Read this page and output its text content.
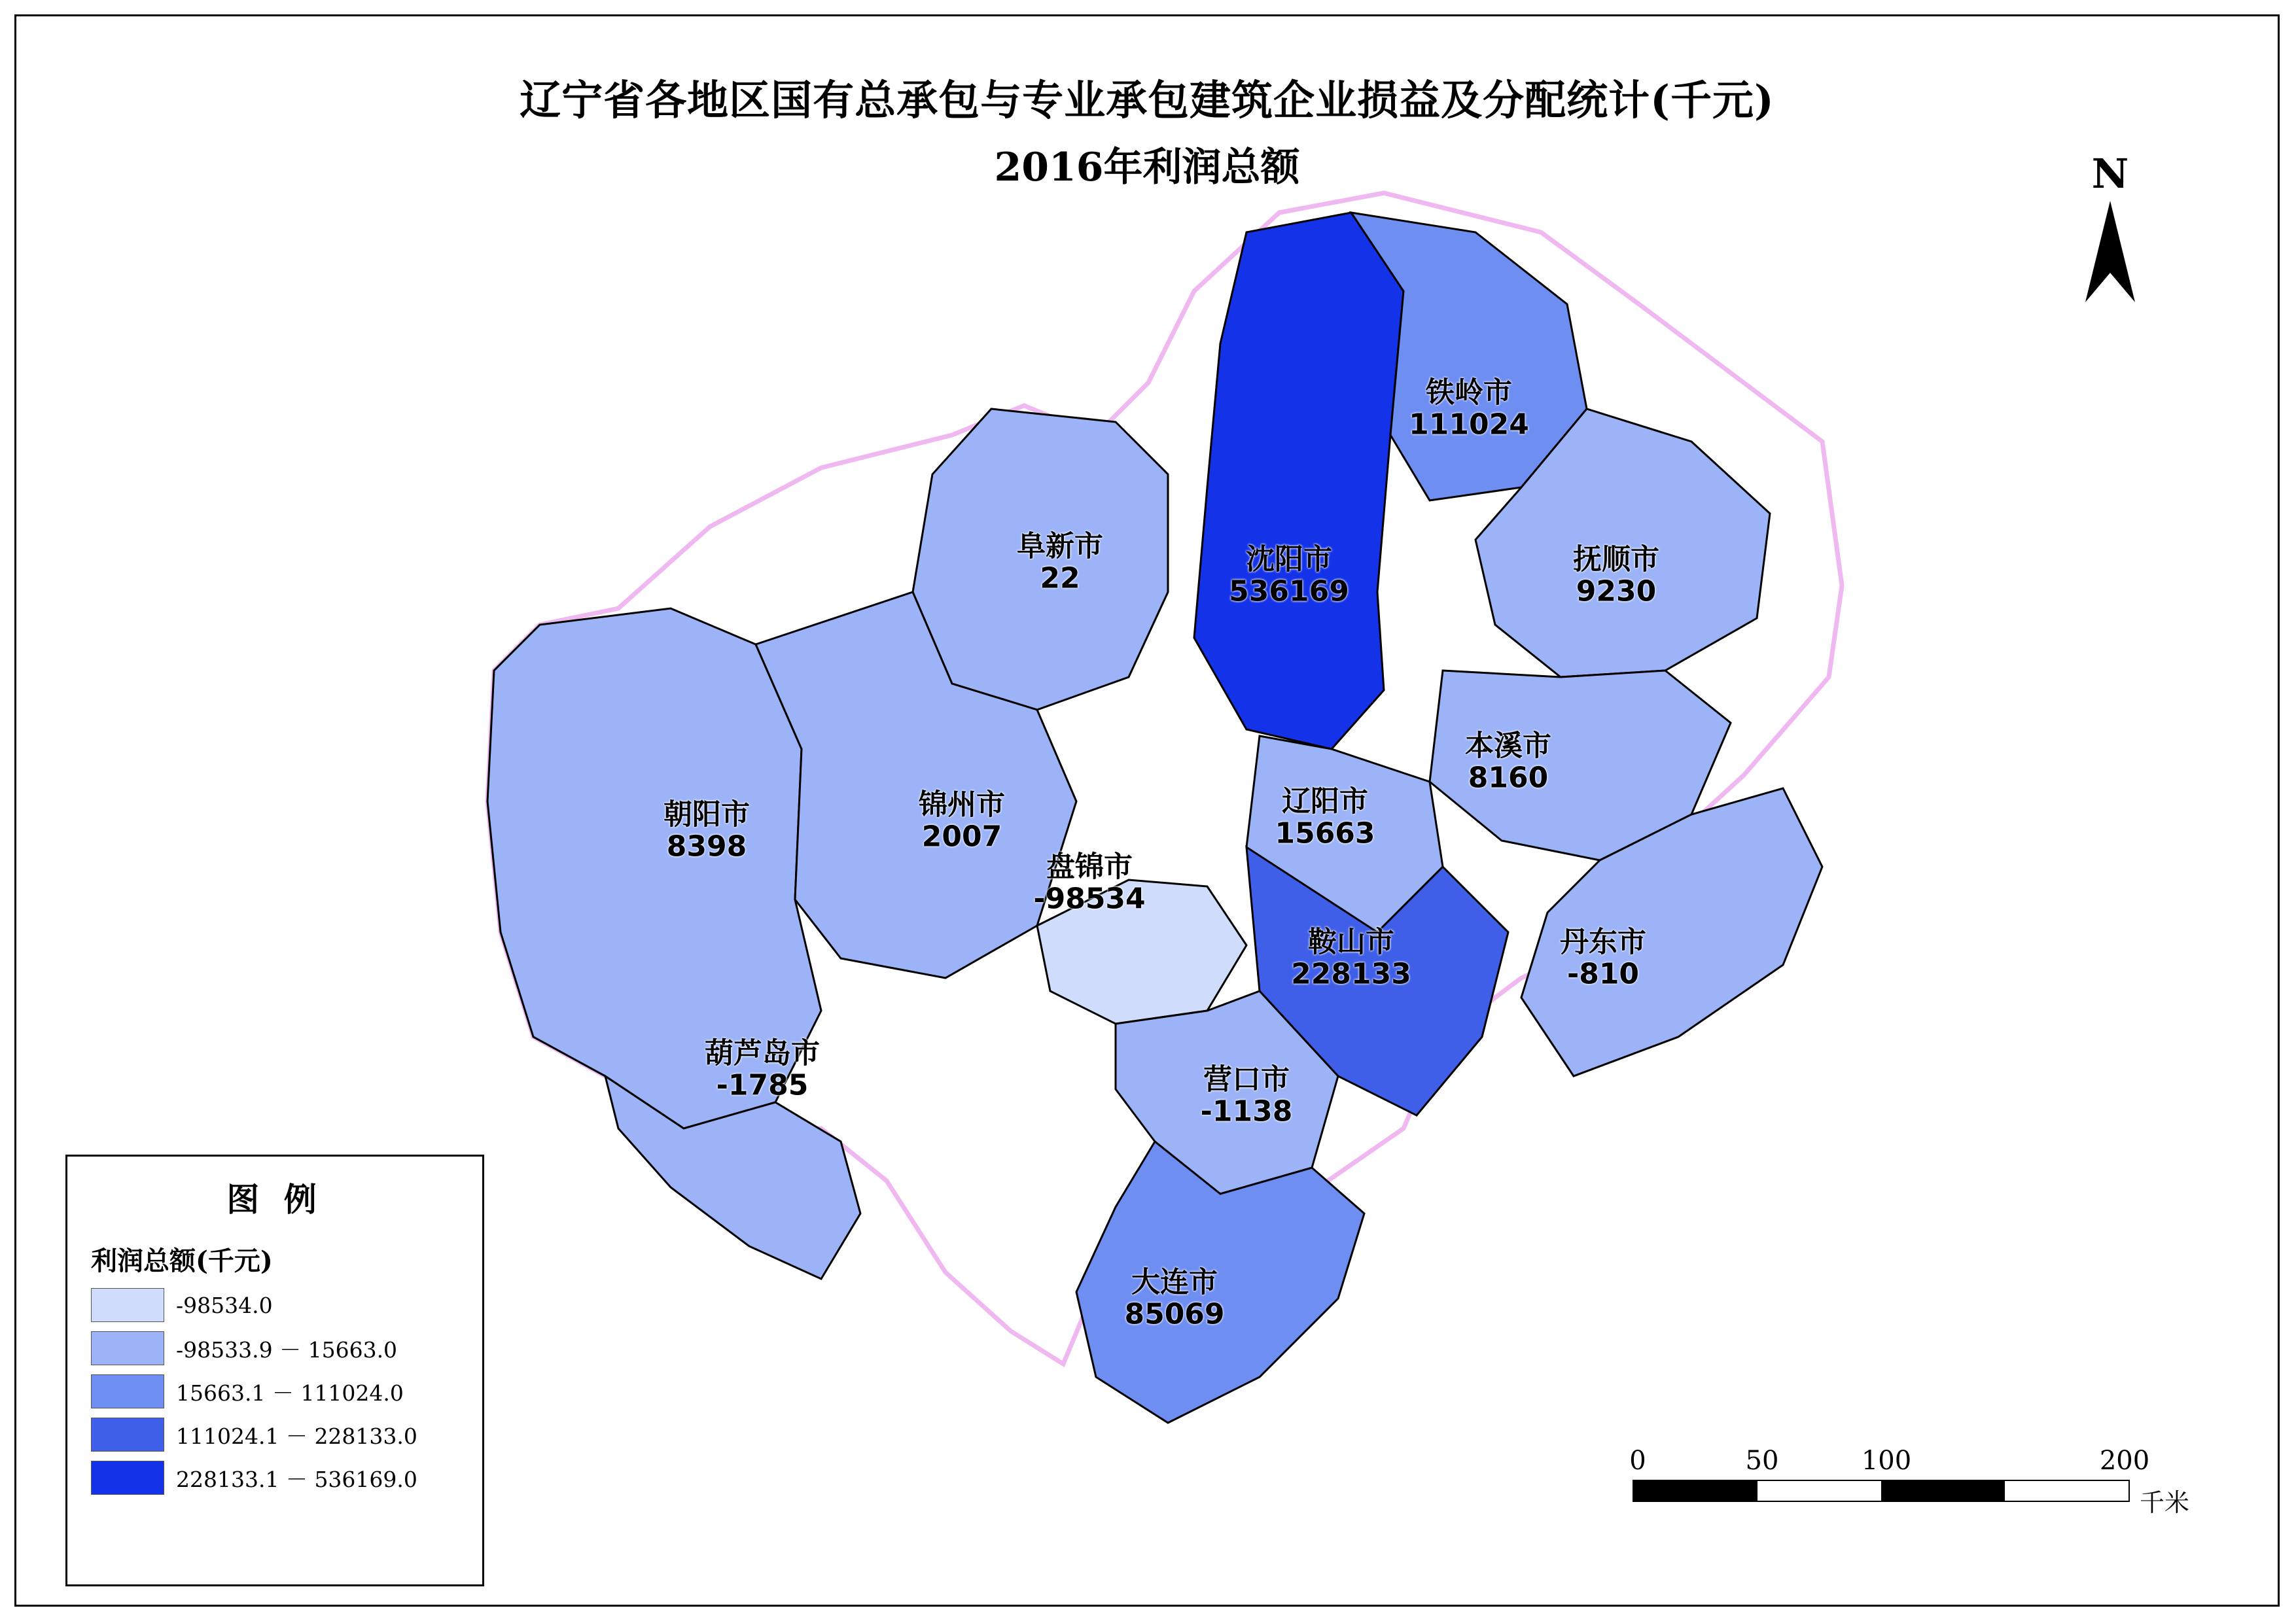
辽宁省各地区国有总承包与专业承包建筑企业损益及分配统计(千元)
2016年利润总额
铁岭市
111024
沈阳市
536169
抚顺市
9230
阜新市
22
本溪市
8160
辽阳市
15663
朝阳市
8398
锦州市
2007
盘锦市
-98534
鞍山市
228133
丹东市
-810
葫芦岛市
-1785	营口市
-1138
大连市
85069
N
图 例
利润总额(千元)
-98534.0
-98533.9 － 15663.0
15663.1 － 111024.0
111024.1 － 228133.0
228133.1 － 536169.0
0	50	100	200
千米
